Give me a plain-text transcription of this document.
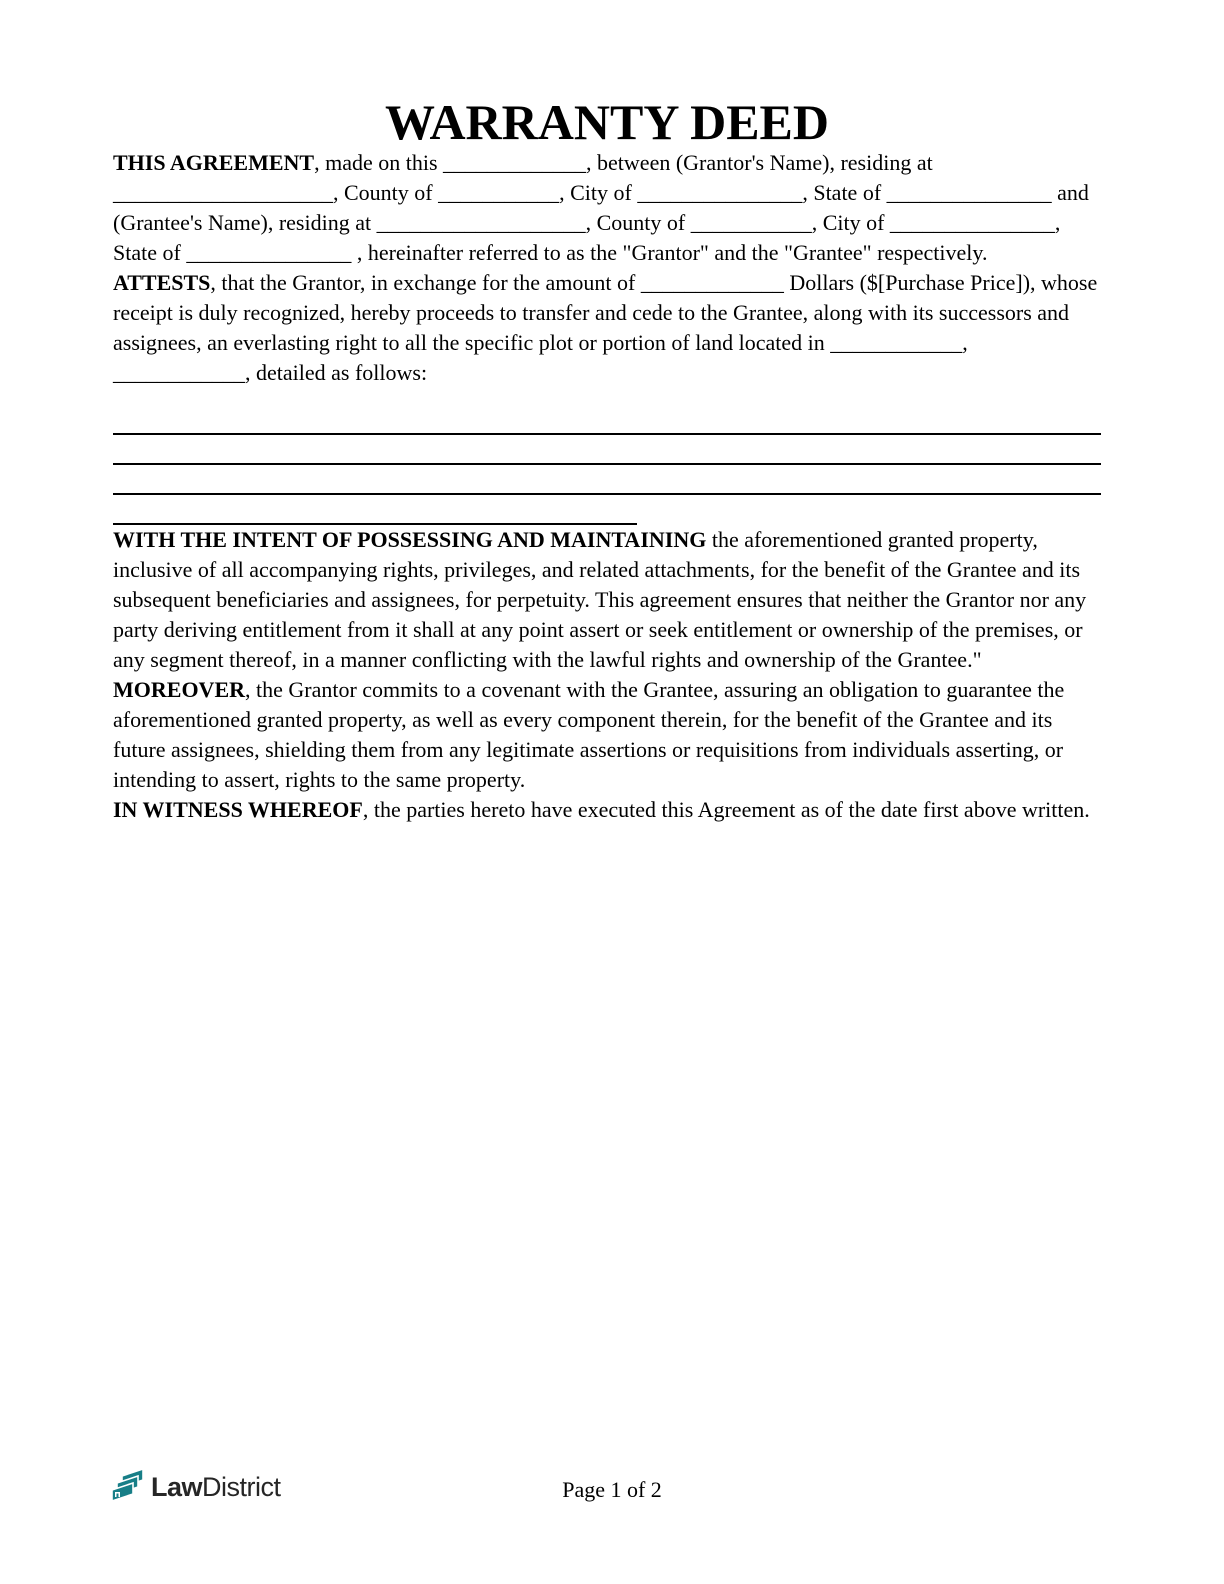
WARRANTY DEED

THIS AGREEMENT, made on this _____________, between (Grantor's Name), residing at ____________________, County of ___________, City of _______________, State of _______________ and (Grantee's Name), residing at ___________________, County of ___________, City of _______________, State of _______________ , hereinafter referred to as the "Grantor" and the "Grantee" respectively.

ATTESTS, that the Grantor, in exchange for the amount of _____________ Dollars ($[Purchase Price]), whose receipt is duly recognized, hereby proceeds to transfer and cede to the Grantee, along with its successors and assignees, an everlasting right to all the specific plot or portion of land located in ____________, ____________, detailed as follows:

WITH THE INTENT OF POSSESSING AND MAINTAINING the aforementioned granted property, inclusive of all accompanying rights, privileges, and related attachments, for the benefit of the Grantee and its subsequent beneficiaries and assignees, for perpetuity. This agreement ensures that neither the Grantor nor any party deriving entitlement from it shall at any point assert or seek entitlement or ownership of the premises, or any segment thereof, in a manner conflicting with the lawful rights and ownership of the Grantee."

MOREOVER, the Grantor commits to a covenant with the Grantee, assuring an obligation to guarantee the aforementioned granted property, as well as every component therein, for the benefit of the Grantee and its future assignees, shielding them from any legitimate assertions or requisitions from individuals asserting, or intending to assert, rights to the same property.

IN WITNESS WHEREOF, the parties hereto have executed this Agreement as of the date first above written.

LawDistrict	Page 1 of 2
